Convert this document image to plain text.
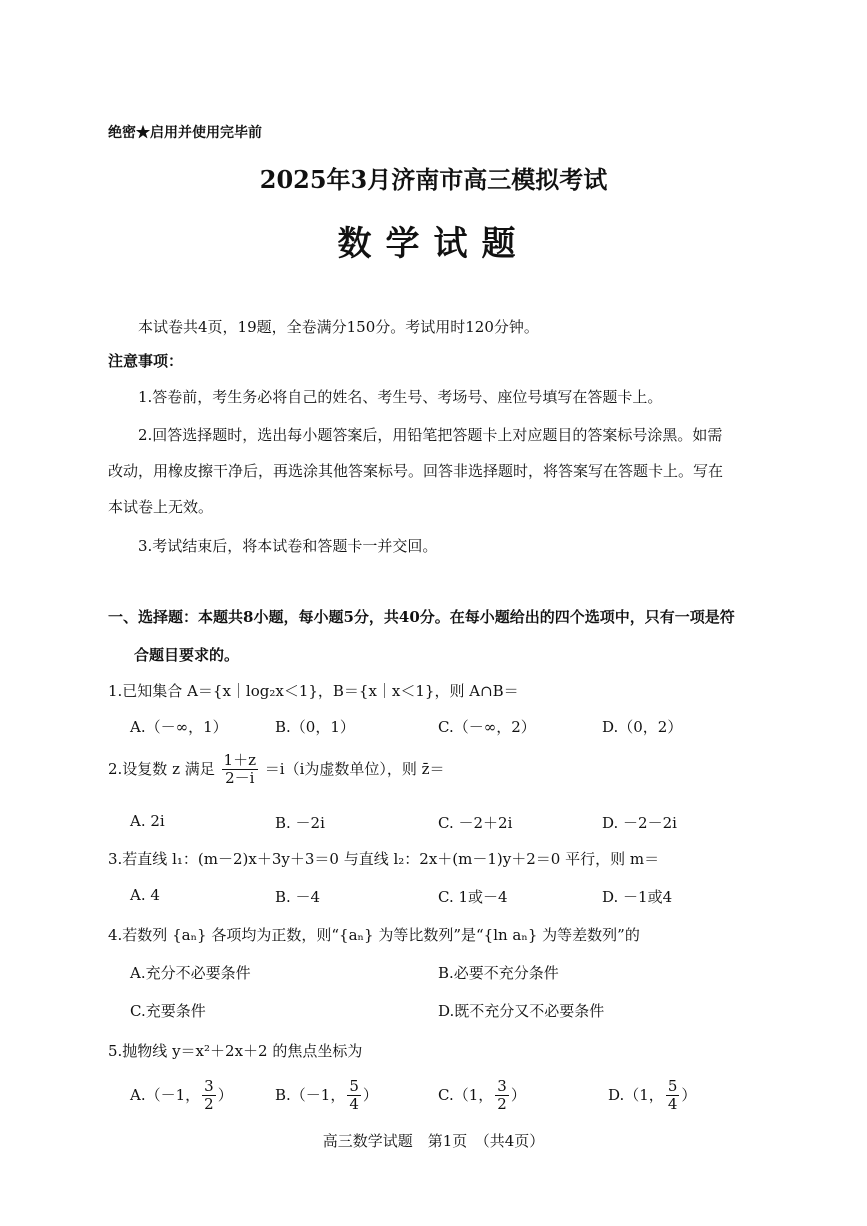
绝密★启用并使用完毕前
2025年3月济南市高三模拟考试
数学试题
本试卷共4页，19题，全卷满分150分。考试用时120分钟。
注意事项：
1.答卷前，考生务必将自己的姓名、考生号、考场号、座位号填写在答题卡上。
2.回答选择题时，选出每小题答案后，用铅笔把答题卡上对应题目的答案标号涂黑。如需
改动，用橡皮擦干净后，再选涂其他答案标号。回答非选择题时，将答案写在答题卡上。写在
本试卷上无效。
3.考试结束后，将本试卷和答题卡一并交回。
一、选择题：本题共8小题，每小题5分，共40分。在每小题给出的四个选项中，只有一项是符
合题目要求的。
1.已知集合 A＝{x｜log₂x＜1}，B＝{x｜x＜1}，则 A∩B＝
A.（－∞，1）	B.（0，1）	C.（－∞，2）	D.（0，2）
2.设复数 z 满足 $\frac{1+z}{2-i} =i(i$为虚数单位），则 z̄＝
A. 2i	B. －2i	C. －2＋2i	D. －2－2i
3.若直线 l₁：(m－2)x＋3y＋3＝0 与直线 l₂：2x＋(m－1)y＋2＝0 平行，则 m＝
A. 4	B. －4	C. 1或－4	D. －1或4
4.若数列 {aₙ} 各项均为正数，则“{aₙ} 为等比数列”是“{ln aₙ} 为等差数列”的
A.充分不必要条件	B.必要不充分条件
C.充要条件	D.既不充分又不必要条件
5.抛物线 y＝x²＋2x＋2 的焦点坐标为
A.（－1， $\frac{3}{2}$ ）	B.（－1， $\frac{5}{4}$ ）	C.（1， $\frac{3}{2}$ ）	D.（1， $\frac{5}{4}$ ）
高三数学试题　第1页　（共4页）
